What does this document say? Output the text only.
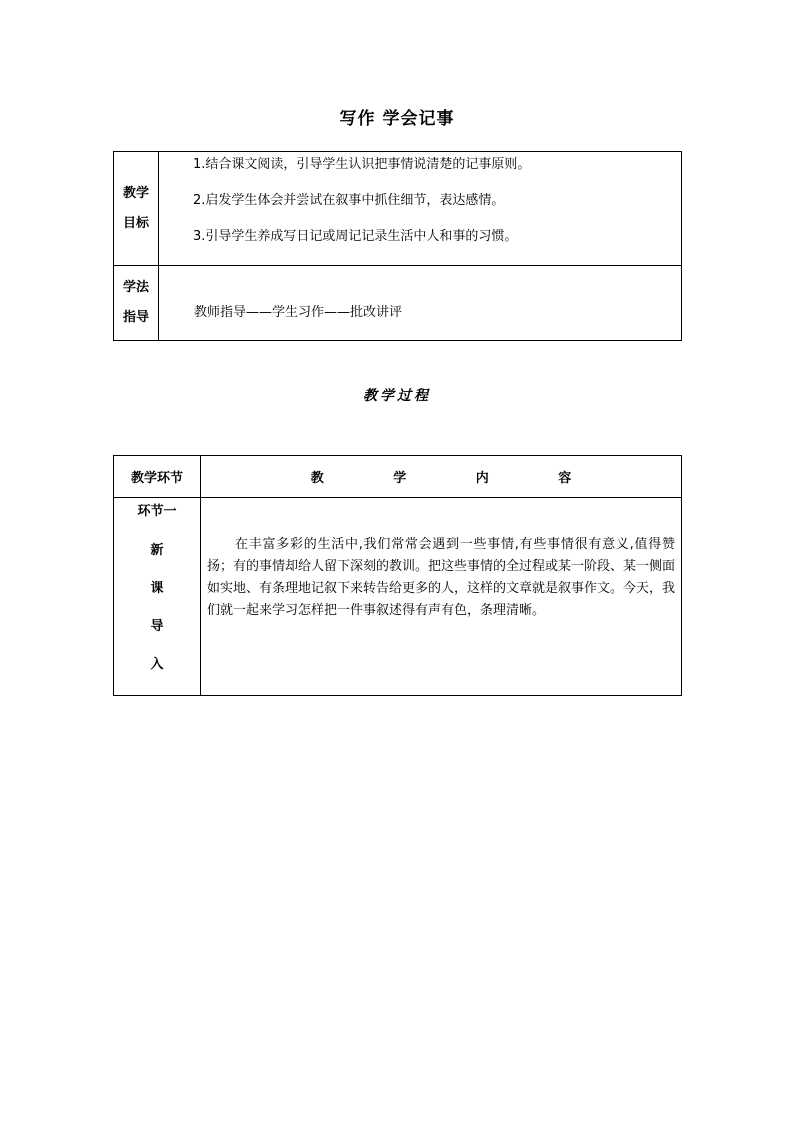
写作 学会记事
教学
目标	1.结合课文阅读，引导学生认识把事情说清楚的记事原则。
2.启发学生体会并尝试在叙事中抓住细节，表达感情。
3.引导学生养成写日记或周记记录生活中人和事的习惯。

学法
指导	教师指导——学生习作——批改讲评
教学过程
教学环节	教 学 内 容

环节一
新
课
导
入	在丰富多彩的生活中,我们常常会遇到一些事情,有些事情很有意义,值得赞扬；有的事情却给人留下深刻的教训。把这些事情的全过程或某一阶段、某一侧面如实地、有条理地记叙下来转告给更多的人，这样的文章就是叙事作文。今天，我们就一起来学习怎样把一件事叙述得有声有色，条理清晰。
